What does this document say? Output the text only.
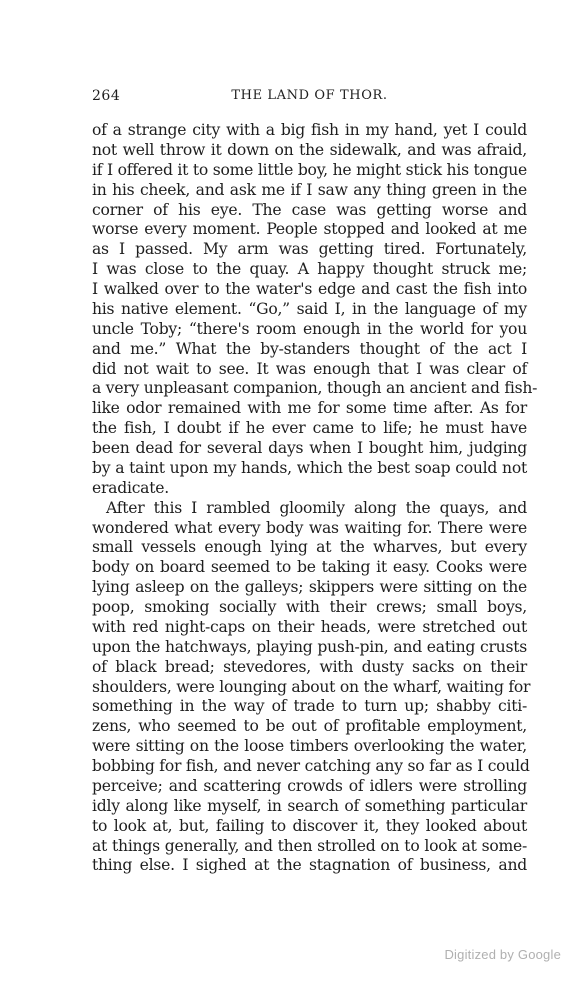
264	THE LAND OF THOR.
of a strange city with a big fish in my hand, yet I could
not well throw it down on the sidewalk, and was afraid,
if I offered it to some little boy, he might stick his tongue
in his cheek, and ask me if I saw any thing green in the
corner of his eye. The case was getting worse and
worse every moment. People stopped and looked at me
as I passed. My arm was getting tired. Fortunately,
I was close to the quay. A happy thought struck me;
I walked over to the water's edge and cast the fish into
his native element. “Go,” said I, in the language of my
uncle Toby; “there's room enough in the world for you
and me.” What the by-standers thought of the act I
did not wait to see. It was enough that I was clear of
a very unpleasant companion, though an ancient and fish-
like odor remained with me for some time after. As for
the fish, I doubt if he ever came to life; he must have
been dead for several days when I bought him, judging
by a taint upon my hands, which the best soap could not
eradicate.
After this I rambled gloomily along the quays, and
wondered what every body was waiting for. There were
small vessels enough lying at the wharves, but every
body on board seemed to be taking it easy. Cooks were
lying asleep on the galleys; skippers were sitting on the
poop, smoking socially with their crews; small boys,
with red night-caps on their heads, were stretched out
upon the hatchways, playing push-pin, and eating crusts
of black bread; stevedores, with dusty sacks on their
shoulders, were lounging about on the wharf, waiting for
something in the way of trade to turn up; shabby citi-
zens, who seemed to be out of profitable employment,
were sitting on the loose timbers overlooking the water,
bobbing for fish, and never catching any so far as I could
perceive; and scattering crowds of idlers were strolling
idly along like myself, in search of something particular
to look at, but, failing to discover it, they looked about
at things generally, and then strolled on to look at some-
thing else. I sighed at the stagnation of business, and
Digitized by Google
